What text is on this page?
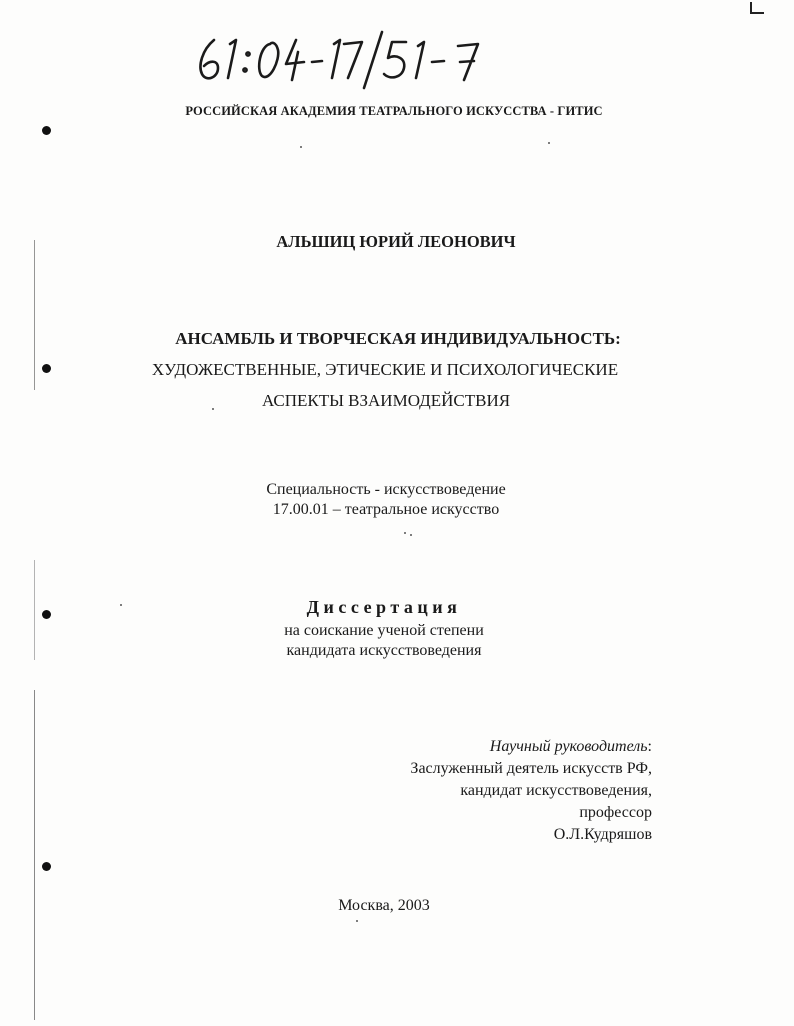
РОССИЙСКАЯ АКАДЕМИЯ ТЕАТРАЛЬНОГО ИСКУССТВА - ГИТИС
АЛЬШИЦ ЮРИЙ ЛЕОНОВИЧ
АНСАМБЛЬ И ТВОРЧЕСКАЯ ИНДИВИДУАЛЬНОСТЬ:
ХУДОЖЕСТВЕННЫЕ, ЭТИЧЕСКИЕ И ПСИХОЛОГИЧЕСКИЕ
АСПЕКТЫ ВЗАИМОДЕЙСТВИЯ
Специальность - искусствоведение
17.00.01 – театральное искусство
Диссертация
на соискание ученой степени
кандидата искусствоведения
Научный руководитель:
Заслуженный деятель искусств РФ,
кандидат искусствоведения,
профессор
О.Л.Кудряшов
Москва, 2003
